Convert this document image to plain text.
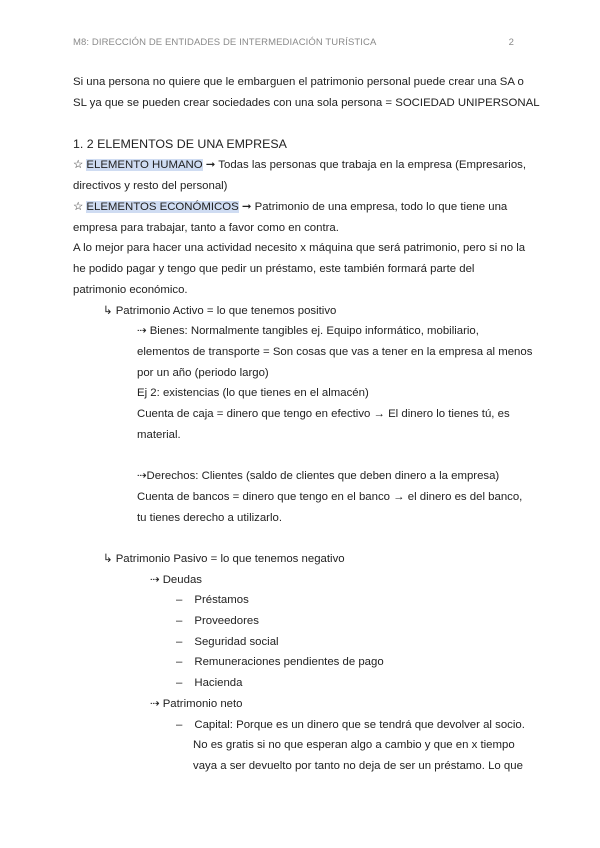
M8: DIRECCIÓN DE ENTIDADES DE INTERMEDIACIÓN TURÍSTICA	2
Si una persona no quiere que le embarguen el patrimonio personal puede crear una SA o
SL ya que se pueden crear sociedades con una sola persona = SOCIEDAD UNIPERSONAL
1. 2 ELEMENTOS DE UNA EMPRESA
☆ ELEMENTO HUMANO ➞ Todas las personas que trabaja en la empresa (Empresarios,
directivos y resto del personal)
☆ ELEMENTOS ECONÓMICOS ➞ Patrimonio de una empresa, todo lo que tiene una
empresa para trabajar, tanto a favor como en contra.
A lo mejor para hacer una actividad necesito x máquina que será patrimonio, pero si no la
he podido pagar y tengo que pedir un préstamo, este también formará parte del
patrimonio económico.
↳ Patrimonio Activo = lo que tenemos positivo
⇢ Bienes: Normalmente tangibles ej. Equipo informático, mobiliario,
elementos de transporte = Son cosas que vas a tener en la empresa al menos
por un año (periodo largo)
Ej 2: existencias (lo que tienes en el almacén)
Cuenta de caja = dinero que tengo en efectivo → El dinero lo tienes tú, es
material.
⇢Derechos: Clientes (saldo de clientes que deben dinero a la empresa)
Cuenta de bancos = dinero que tengo en el banco → el dinero es del banco,
tu tienes derecho a utilizarlo.
↳ Patrimonio Pasivo = lo que tenemos negativo
⇢ Deudas
– Préstamos
– Proveedores
– Seguridad social
– Remuneraciones pendientes de pago
– Hacienda
⇢ Patrimonio neto
– Capital: Porque es un dinero que se tendrá que devolver al socio.
No es gratis si no que esperan algo a cambio y que en x tiempo
vaya a ser devuelto por tanto no deja de ser un préstamo. Lo que
